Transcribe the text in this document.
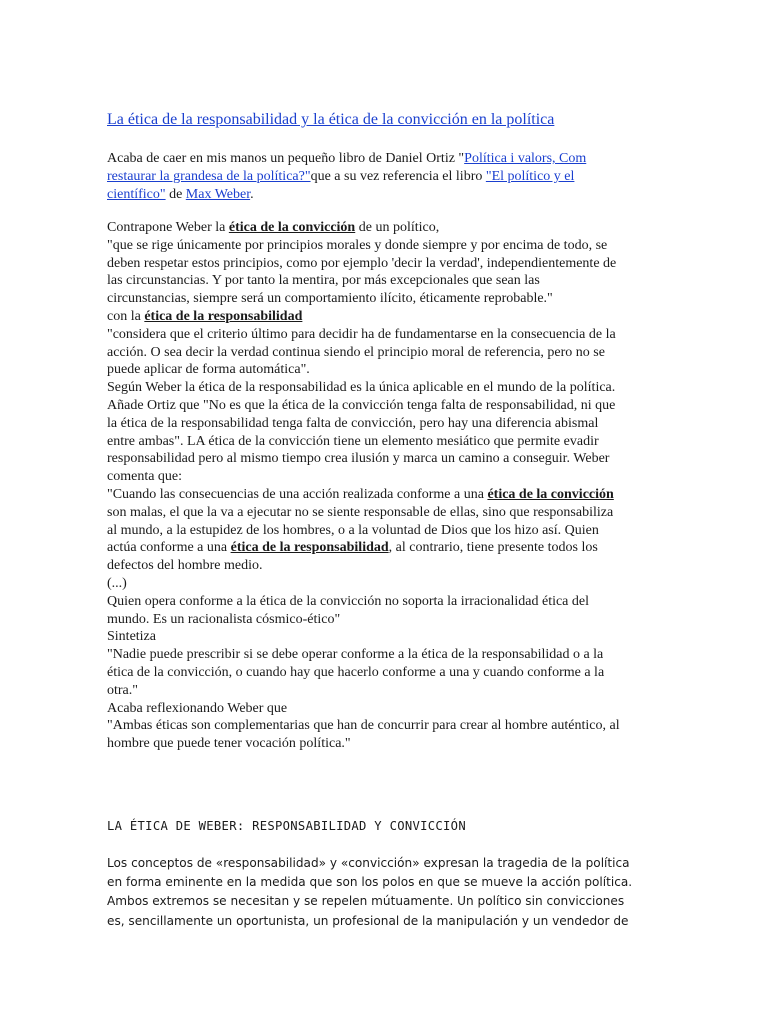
La ética de la responsabilidad y la ética de la convicción en la política
Acaba de caer en mis manos un pequeño libro de Daniel Ortiz "Política i valors, Com
restaurar la grandesa de la política?"que a su vez referencia el libro "El político y el
científico" de Max Weber.
Contrapone Weber la ética de la convicción de un político,
"que se rige únicamente por principios morales y donde siempre y por encima de todo, se
deben respetar estos principios, como por ejemplo 'decir la verdad', independientemente de
las circunstancias. Y por tanto la mentira, por más excepcionales que sean las
circunstancias, siempre será un comportamiento ilícito, éticamente reprobable."
con la ética de la responsabilidad
"considera que el criterio último para decidir ha de fundamentarse en la consecuencia de la
acción. O sea decir la verdad continua siendo el principio moral de referencia, pero no se
puede aplicar de forma automática".
Según Weber la ética de la responsabilidad es la única aplicable en el mundo de la política.
Añade Ortiz que "No es que la ética de la convicción tenga falta de responsabilidad, ni que
la ética de la responsabilidad tenga falta de convicción, pero hay una diferencia abismal
entre ambas". LA ética de la convicción tiene un elemento mesiático que permite evadir
responsabilidad pero al mismo tiempo crea ilusión y marca un camino a conseguir. Weber
comenta que:
"Cuando las consecuencias de una acción realizada conforme a una ética de la convicción
son malas, el que la va a ejecutar no se siente responsable de ellas, sino que responsabiliza
al mundo, a la estupidez de los hombres, o a la voluntad de Dios que los hizo así. Quien
actúa conforme a una ética de la responsabilidad, al contrario, tiene presente todos los
defectos del hombre medio.
(...)
Quien opera conforme a la ética de la convicción no soporta la irracionalidad ética del
mundo. Es un racionalista cósmico-ético"
Sintetiza
"Nadie puede prescribir si se debe operar conforme a la ética de la responsabilidad o a la
ética de la convicción, o cuando hay que hacerlo conforme a una y cuando conforme a la
otra."
Acaba reflexionando Weber que
"Ambas éticas son complementarias que han de concurrir para crear al hombre auténtico, al
hombre que puede tener vocación política."
LA ÉTICA DE WEBER: RESPONSABILIDAD Y CONVICCIÓN
Los conceptos de «responsabilidad» y «convicción» expresan la tragedia de la política
en forma eminente en la medida que son los polos en que se mueve la acción política.
Ambos extremos se necesitan y se repelen mútuamente. Un político sin convicciones
es, sencillamente un oportunista, un profesional de la manipulación y un vendedor de
